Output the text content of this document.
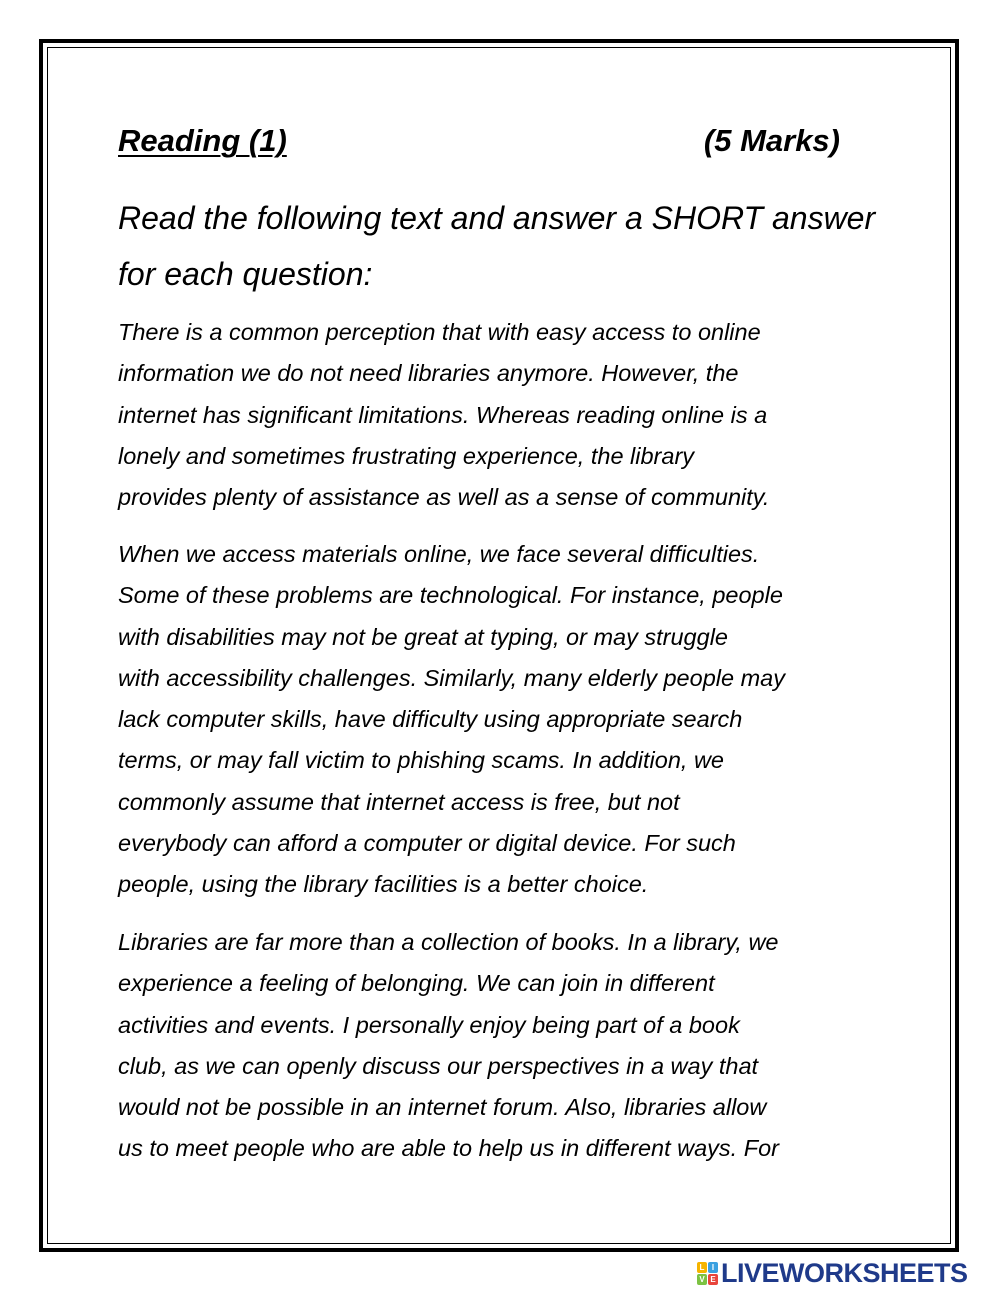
Reading (1)	(5 Marks)

Read the following text and answer a SHORT answer for each question:

There is a common perception that with easy access to online
information we do not need libraries anymore. However, the
internet has significant limitations. Whereas reading online is a
lonely and sometimes frustrating experience, the library
provides plenty of assistance as well as a sense of community.
When we access materials online, we face several difficulties.
Some of these problems are technological. For instance, people
with disabilities may not be great at typing, or may struggle
with accessibility challenges. Similarly, many elderly people may
lack computer skills, have difficulty using appropriate search
terms, or may fall victim to phishing scams. In addition, we
commonly assume that internet access is free, but not
everybody can afford a computer or digital device. For such
people, using the library facilities is a better choice.
Libraries are far more than a collection of books. In a library, we
experience a feeling of belonging. We can join in different
activities and events. I personally enjoy being part of a book
club, as we can openly discuss our perspectives in a way that
would not be possible in an internet forum. Also, libraries allow
us to meet people who are able to help us in different ways. For
L I
V E LIVEWORKSHEETS
